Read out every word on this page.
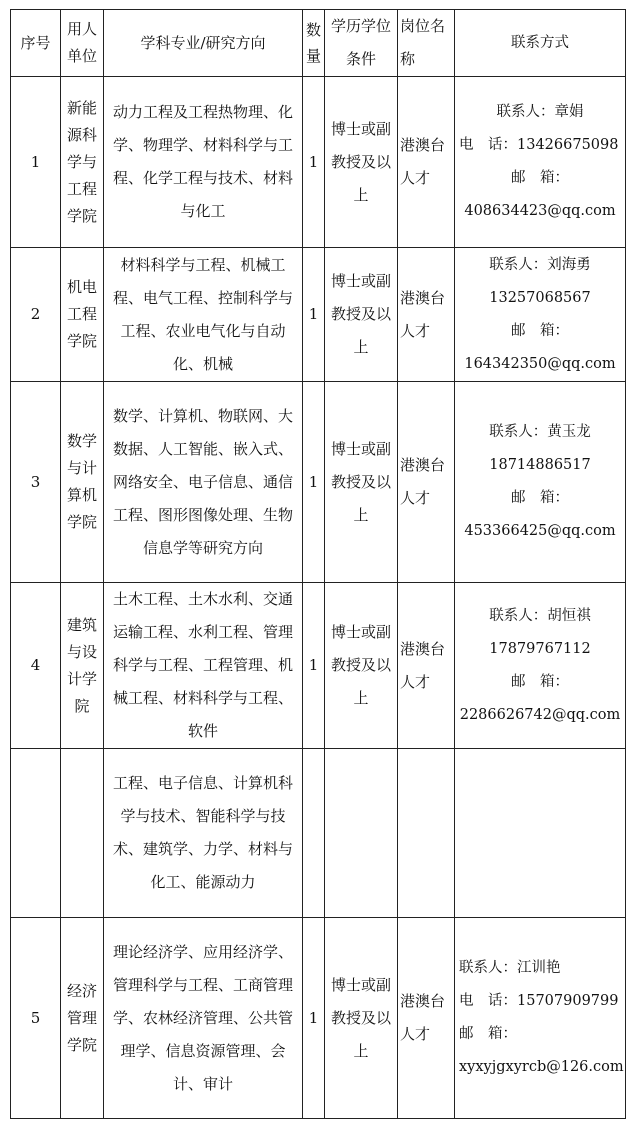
序号	用人单位	学科专业/研究方向	数量	学历学位条件	岗位名称	联系方式
1	新能源科学与工程学院	动力工程及工程热物理、化学、物理学、材料科学与工程、化学工程与技术、材料与化工	1	博士或副教授及以上	港澳台人才	联系人：章娟
电　话：13426675098
邮　箱：
408634423@qq.com

2	机电工程学院	材料科学与工程、机械工程、电气工程、控制科学与工程、农业电气化与自动化、机械	1	博士或副教授及以上	港澳台人才	联系人：刘海勇
13257068567
邮　箱：
164342350@qq.com

3	数学与计算机学院	数学、计算机、物联网、大数据、人工智能、嵌入式、网络安全、电子信息、通信工程、图形图像处理、生物信息学等研究方向	1	博士或副教授及以上	港澳台人才	联系人：黄玉龙
18714886517
邮　箱：
453366425@qq.com

4	建筑与设计学院	土木工程、土木水利、交通运输工程、水利工程、管理科学与工程、工程管理、机械工程、材料科学与工程、软件	1	博士或副教授及以上	港澳台人才	联系人：胡恒祺
17879767112
邮　箱：
2286626742@qq.com

		工程、电子信息、计算机科学与技术、智能科学与技术、建筑学、力学、材料与化工、能源动力				
5	经济管理学院	理论经济学、应用经济学、管理科学与工程、工商管理学、农林经济管理、公共管理学、信息资源管理、会计、审计	1	博士或副教授及以上	港澳台人才	联系人：江训艳
电　话：15707909799
邮　箱：
xyxyjgxyrcb@126.com
